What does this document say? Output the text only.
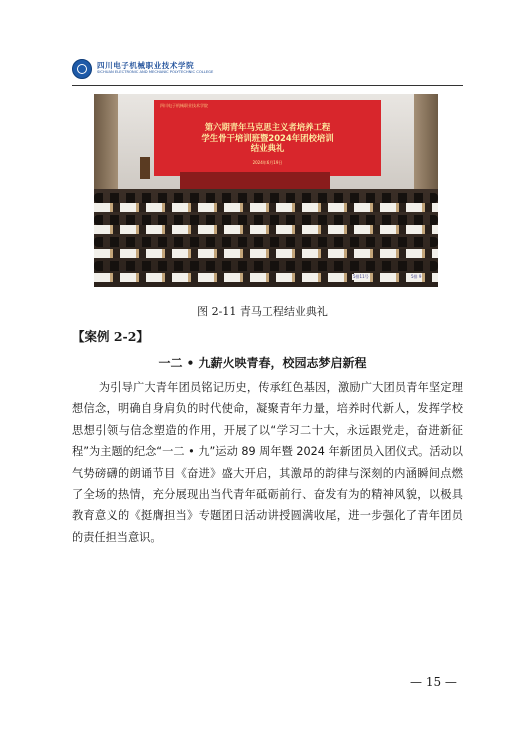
四川电子机械职业技术学院
SICHUAN ELECTRONIC AND MECHANIC POLYTECHNIC COLLEGE
四川电子机械职业技术学院
第六期青年马克思主义者培养工程
学生骨干培训班暨2024年团校培训
结业典礼
2024年6月19日
5排11号	5排 9
图 2-11 青马工程结业典礼
【案例 2-2】
一二 • 九薪火映青春，校园志梦启新程

为引导广大青年团员铭记历史，传承红色基因，激励广大团员青年坚定理想信念，明确自身肩负的时代使命，凝聚青年力量，培养时代新人，发挥学校思想引领与信念塑造的作用，开展了以“学习二十大，永远跟党走，奋进新征程”为主题的纪念“一二 • 九”运动 89 周年暨 2024 年新团员入团仪式。活动以气势磅礴的朗诵节目《奋进》盛大开启，其激昂的韵律与深刻的内涵瞬间点燃了全场的热情，充分展现出当代青年砥砺前行、奋发有为的精神风貌，以极具教育意义的《挺膺担当》专题团日活动讲授圆满收尾，进一步强化了青年团员的责任担当意识。

— 15 —
